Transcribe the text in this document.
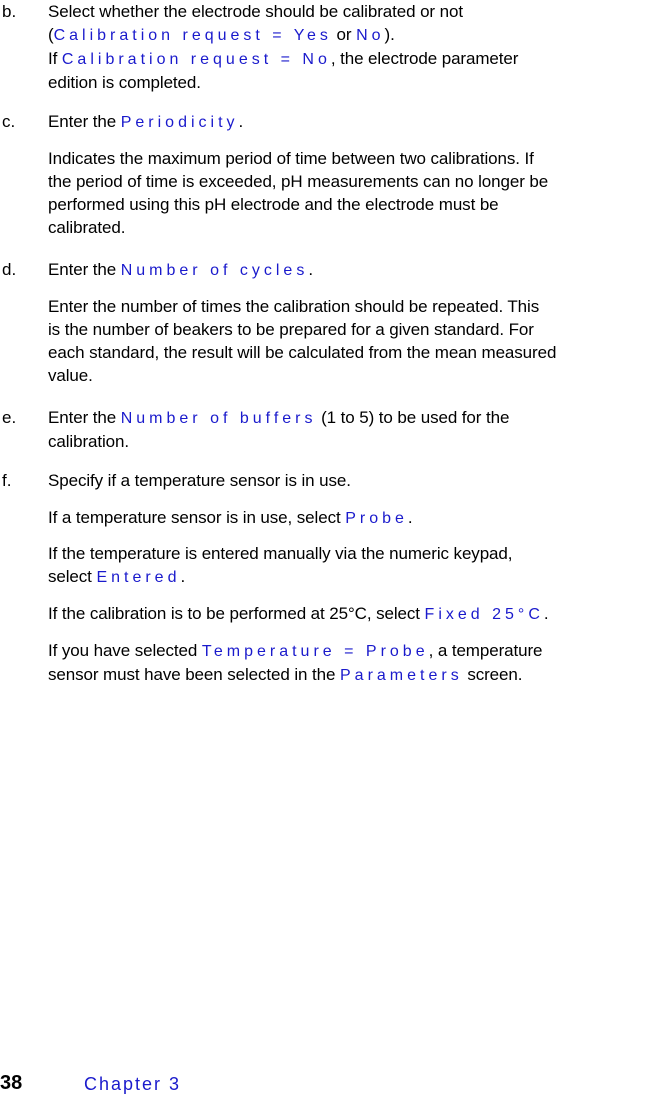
b. Select whether the electrode should be calibrated or not
(Calibration request = Yes or No).
If Calibration request = No, the electrode parameter
edition is completed.
c. Enter the Periodicity.
Indicates the maximum period of time between two calibrations. If
the period of time is exceeded, pH measurements can no longer be
performed using this pH electrode and the electrode must be
calibrated.
d. Enter the Number of cycles.
Enter the number of times the calibration should be repeated. This
is the number of beakers to be prepared for a given standard. For
each standard, the result will be calculated from the mean measured
value.
e. Enter the Number of buffers (1 to 5) to be used for the
calibration.
f. Specify if a temperature sensor is in use.
If a temperature sensor is in use, select Probe.
If the temperature is entered manually via the numeric keypad,
select Entered.
If the calibration is to be performed at 25°C, select Fixed 25°C.
If you have selected Temperature = Probe, a temperature
sensor must have been selected in the Parameters screen.
38	Chapter 3
